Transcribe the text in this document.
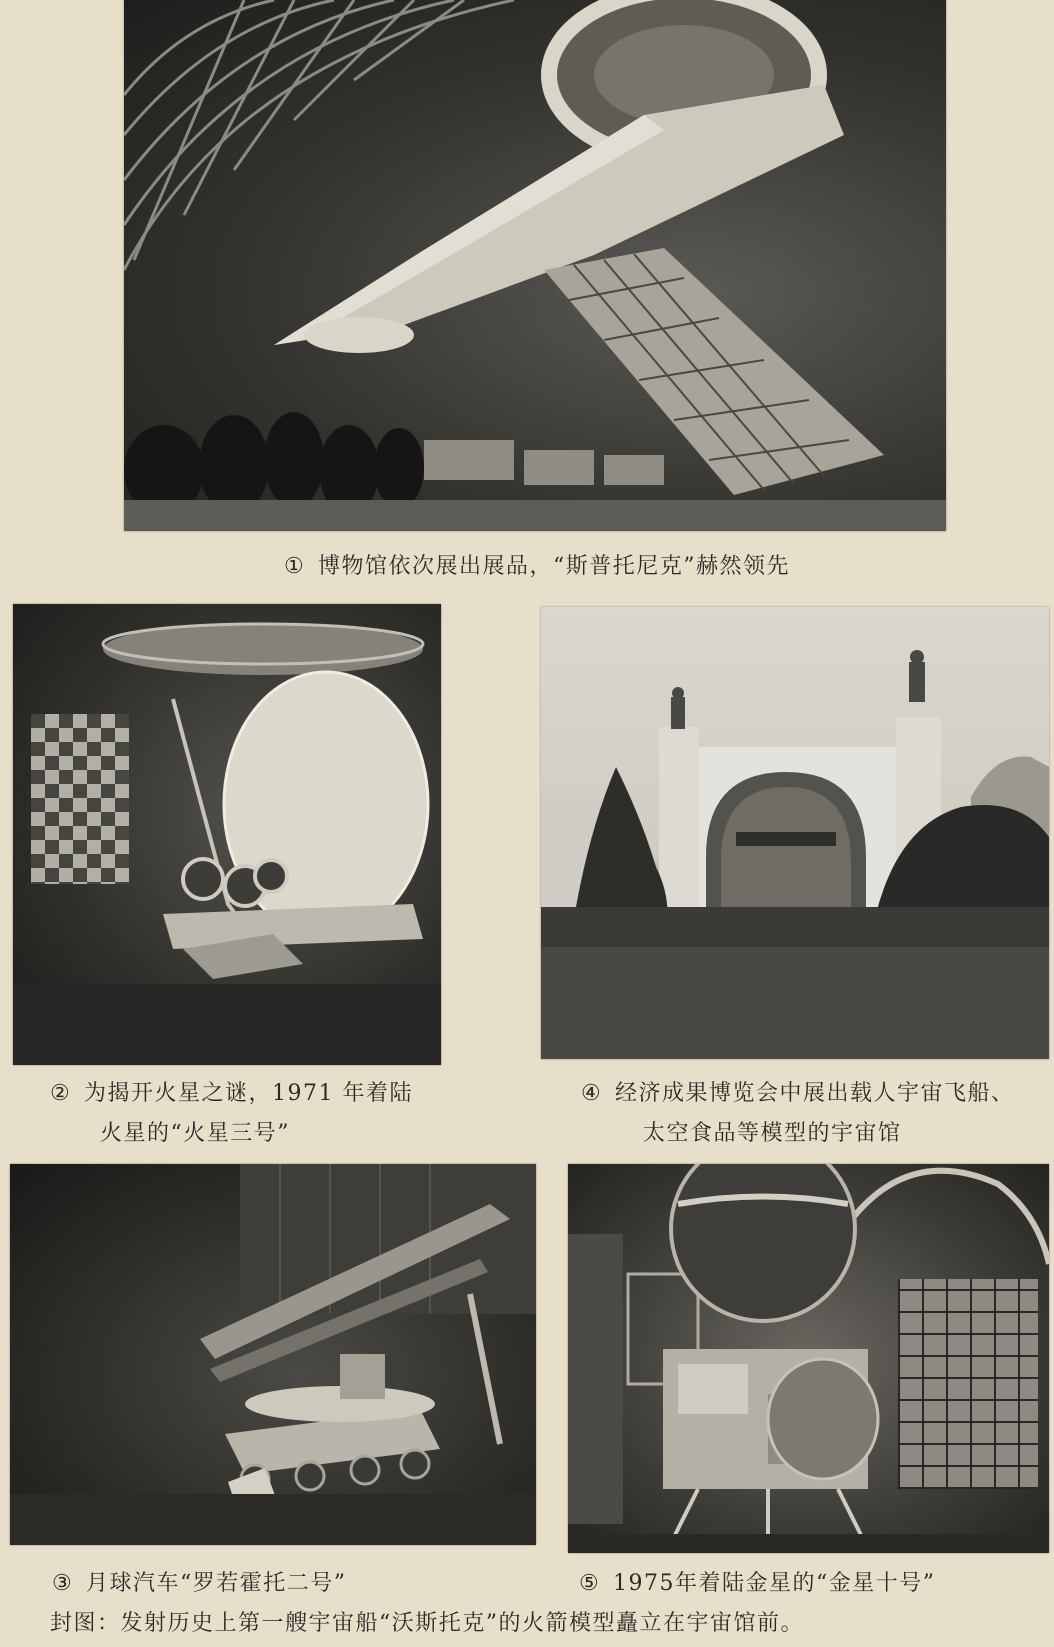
① 博物馆依次展出展品，“斯普托尼克”赫然领先
② 为揭开火星之谜，1971 年着陆
火星的“火星三号”
④ 经济成果博览会中展出载人宇宙飞船、
太空食品等模型的宇宙馆
③ 月球汽车“罗若霍托二号”	⑤ 1975年着陆金星的“金星十号”
封图：发射历史上第一艘宇宙船“沃斯托克”的火箭模型矗立在宇宙馆前。
